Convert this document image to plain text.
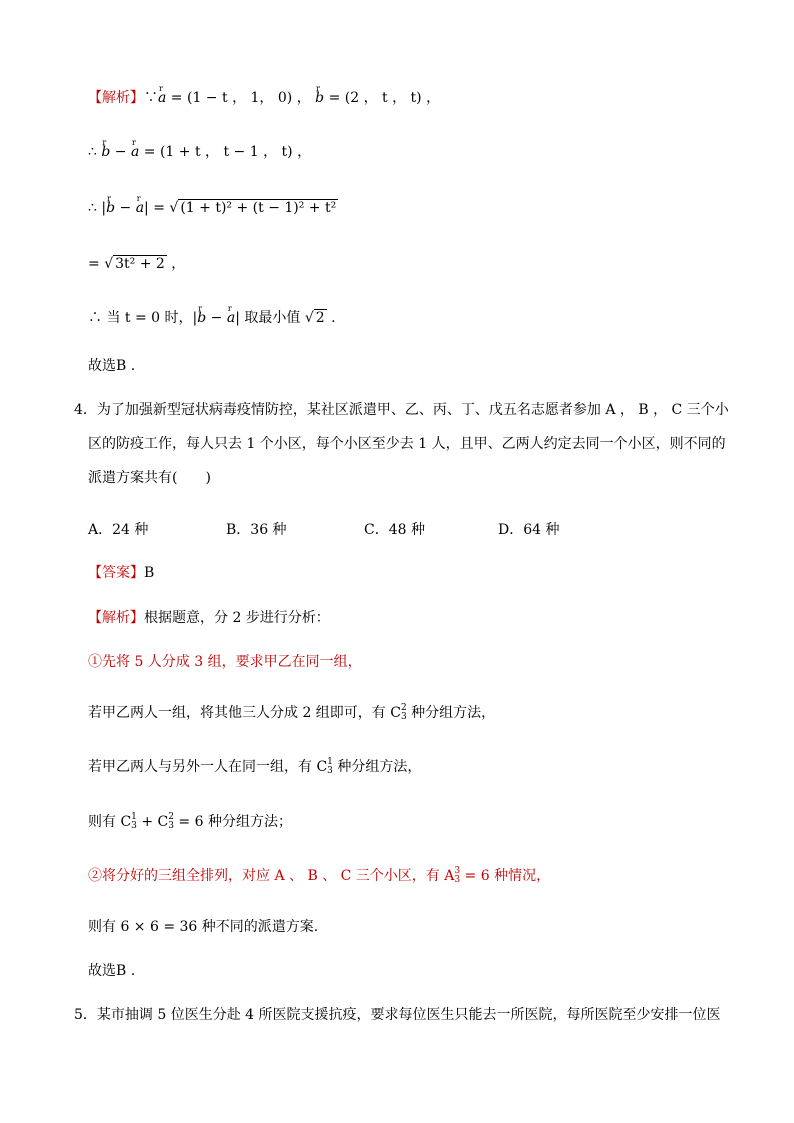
【解析】∵r a = (1 − t ， 1， 0) ， r b = (2 ， t ， t) ，
∴ r b − r a = (1 + t ， t − 1 ， t) ，
∴ |r b − r a| = √ (1 + t)² + (t − 1)² + t²
= √ 3t² + 2 ，
∴ 当 t = 0 时，|r b − r a| 取最小值 √ 2 .
故选B .
4．为了加强新型冠状病毒疫情防控，某社区派遣甲、乙、丙、丁、戊五名志愿者参加 A ， B ， C 三个小
区的防疫工作，每人只去 1 个小区，每个小区至少去 1 人，且甲、乙两人约定去同一个小区，则不同的
派遣方案共有(　　)
A．24 种	B．36 种	C．48 种	D．64 种
【答案】B
【解析】根据题意，分 2 步进行分析：
①先将 5 人分成 3 组，要求甲乙在同一组，
若甲乙两人一组，将其他三人分成 2 组即可，有 C 2
3 种分组方法，
若甲乙两人与另外一人在同一组，有 C 1
3 种分组方法，
则有 C 1
3 + C 2
3 = 6 种分组方法；
②将分好的三组全排列，对应 A 、 B 、 C 三个小区，有 A 3
3 = 6 种情况，
则有 6 × 6 = 36 种不同的派遣方案.
故选B .
5．某市抽调 5 位医生分赴 4 所医院支援抗疫，要求每位医生只能去一所医院，每所医院至少安排一位医
